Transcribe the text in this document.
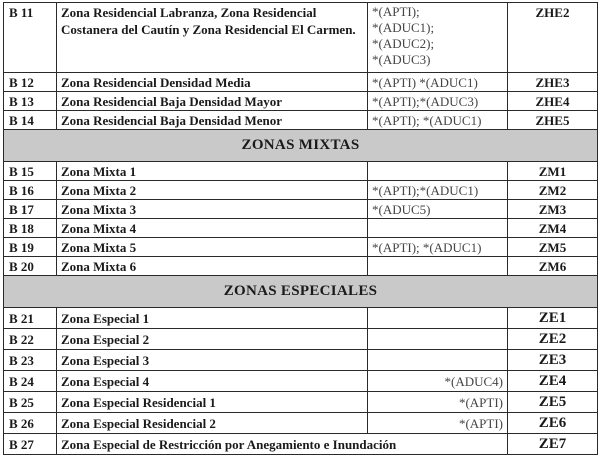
B 11	Zona Residencial Labranza, Zona Residencial Costanera del Cautín y Zona Residencial El Carmen.	*(APTI);
*(ADUC1);
*(ADUC2);
*(ADUC3)	ZHE2
B 12	Zona Residencial Densidad Media	*(APTI) *(ADUC1)	ZHE3
B 13	Zona Residencial Baja Densidad Mayor	*(APTI);*(ADUC3)	ZHE4
B 14	Zona Residencial Baja Densidad Menor	*(APTI); *(ADUC1)	ZHE5
ZONAS MIXTAS			
B 15	Zona Mixta 1		ZM1
B 16	Zona Mixta 2	*(APTI);*(ADUC1)	ZM2
B 17	Zona Mixta 3	*(ADUC5)	ZM3
B 18	Zona Mixta 4		ZM4
B 19	Zona Mixta 5	*(APTI); *(ADUC1)	ZM5
B 20	Zona Mixta 6		ZM6
ZONAS ESPECIALES			
B 21	Zona Especial 1		ZE1
B 22	Zona Especial 2		ZE2
B 23	Zona Especial 3		ZE3
B 24	Zona Especial 4	*(ADUC4)	ZE4
B 25	Zona Especial Residencial 1	*(APTI)	ZE5
B 26	Zona Especial Residencial 2	*(APTI)	ZE6
B 27	Zona Especial de Restricción por Anegamiento e Inundación		ZE7
